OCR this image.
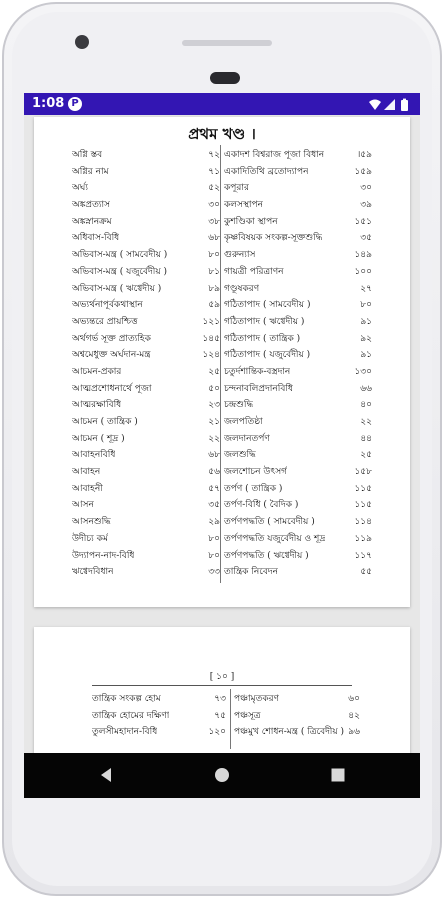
1:08 P
প্রথম খণ্ড ।
অগ্নি স্তব	৭২
অগ্নির নাম	৭১
অর্ঘ্য	৫২
অঙ্কপ্রত্যাস	৩০
অঙ্কস্নানক্রম	৩৮
অধিবাস-বিধি	৬৮
অভিবাস-মন্ত্র ( সামবেদীয় )	৮০
অভিবাস-মন্ত্র ( যজুর্বেদীয় )	৮১
অভিবাস-মন্ত্র ( ঋগ্বেদীয় )	৮৯
অভ্যর্থনাপূর্বকথাস্থান	৫৯
অভ্যন্তরে প্রায়শ্চিত্ত	১২১
অর্থগর্ভ সূক্ত প্রাত্যহিক	১৪৫
অশ্বমেধুক্ত অর্ঘদান-মন্ত্র	১২৪
আচমন-প্রকার	২৫
আত্মপ্রশোধনার্থে পূজা	৫০
আত্মরক্ষাবিধি	২৩
আচমন ( তান্ত্রিক )	২১
আচমন ( শূদ্র )	২২
আবাহনবিধি	৬৮
আবাহন	৫৬
আবাহনী	৫৭
আসন	৩৫
আসনশুদ্ধি	২৯
উদীচ্য কর্ম	৮০
উদ্যাপন-নাদ-বিধি	৮০
ঋগ্বেদবিধান	৩৩
একাদশ বিশ্বরাজ পূজা বিধান	।৫৯
একাদিতিথি ব্রতোদ্যাপন	১৫৯
কপূরার	৩০
কলসস্থাপন	৩৯
কুশণ্ডিকা স্থাপন	১৫১
কৃষ্ণবিষয়ক সংকল্প-সূক্তশুদ্ধি	৩৫
গুরুন্যাস	১৪৯
গায়ত্রী পরিত্রাণন	১০০
গণ্ডূষকরণ	২৭
গঠিতাপাদ ( সামবেদীয় )	৮০
গঠিতাপাদ ( ঋগ্বেদীয় )	৯১
গঠিতাপাদ ( তান্ত্রিক )	৯২
গঠিতাপাদ ( যজুর্বেদীয় )	৯১
চতুর্দশান্তিক-বস্ত্রদান	১৩০
চন্দনাবলিপ্রদানবিধি	৬৬
চন্দ্রশুদ্ধি	৪০
জলপতিষ্ঠা	২২
জলদানতর্পণ	৪৪
জলশুদ্ধি	২৫
জলশোচন উৎসর্গ	১৫৮
তর্পণ ( তান্ত্রিক )	১১৫
তর্পণ-বিধি ( বৈদিক )	১১৫
তর্পণপদ্ধতি ( সামবেদীয় )	১১৪
তর্পণপদ্ধতি যজুর্বেদীয় ও শূদ্র	১১৯
তর্পণপদ্ধতি ( ঋগ্বেদীয় )	১১৭
তান্ত্রিক নিবেদন	৫৫
[ ১০ ]
তান্ত্রিক সংকল্প হোম	৭৩
তান্ত্রিক হোমের দক্ষিণা	৭৫
তুলসীমহাদান-বিধি	১২০
পঞ্চামৃতকরণ	৬০
পঞ্চসূত্র	৪২
পঞ্চমুখ শোধন-মন্ত্র ( ত্রিবেদীয় ) ৯৬
